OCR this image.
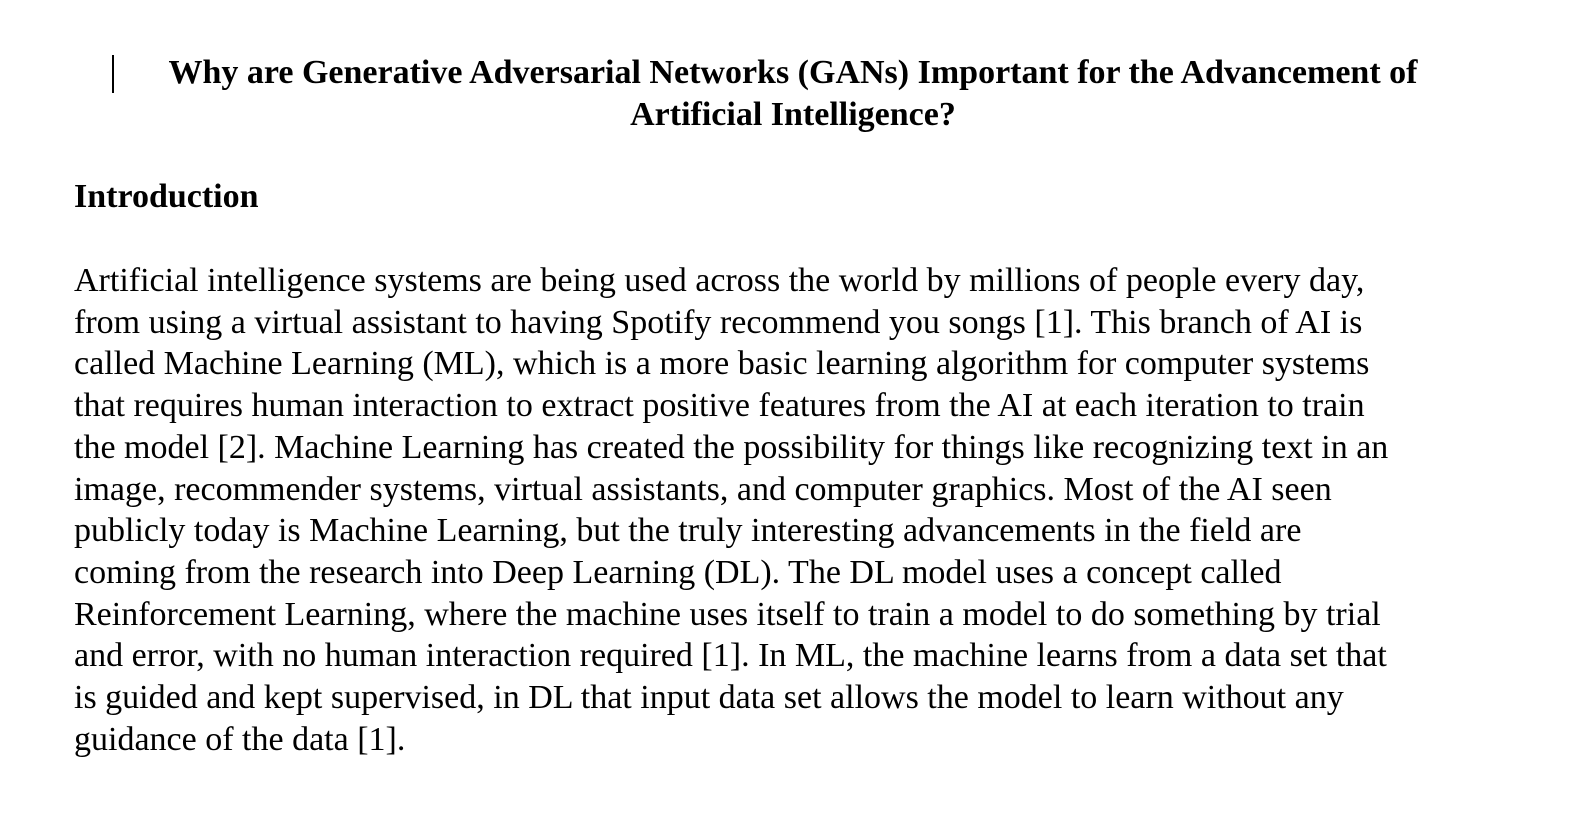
Why are Generative Adversarial Networks (GANs) Important for the Advancement of
Artificial Intelligence?
Introduction

Artificial intelligence systems are being used across the world by millions of people every day,
from using a virtual assistant to having Spotify recommend you songs [1]. This branch of AI is
called Machine Learning (ML), which is a more basic learning algorithm for computer systems
that requires human interaction to extract positive features from the AI at each iteration to train
the model [2]. Machine Learning has created the possibility for things like recognizing text in an
image, recommender systems, virtual assistants, and computer graphics. Most of the AI seen
publicly today is Machine Learning, but the truly interesting advancements in the field are
coming from the research into Deep Learning (DL). The DL model uses a concept called
Reinforcement Learning, where the machine uses itself to train a model to do something by trial
and error, with no human interaction required [1]. In ML, the machine learns from a data set that
is guided and kept supervised, in DL that input data set allows the model to learn without any
guidance of the data [1].
